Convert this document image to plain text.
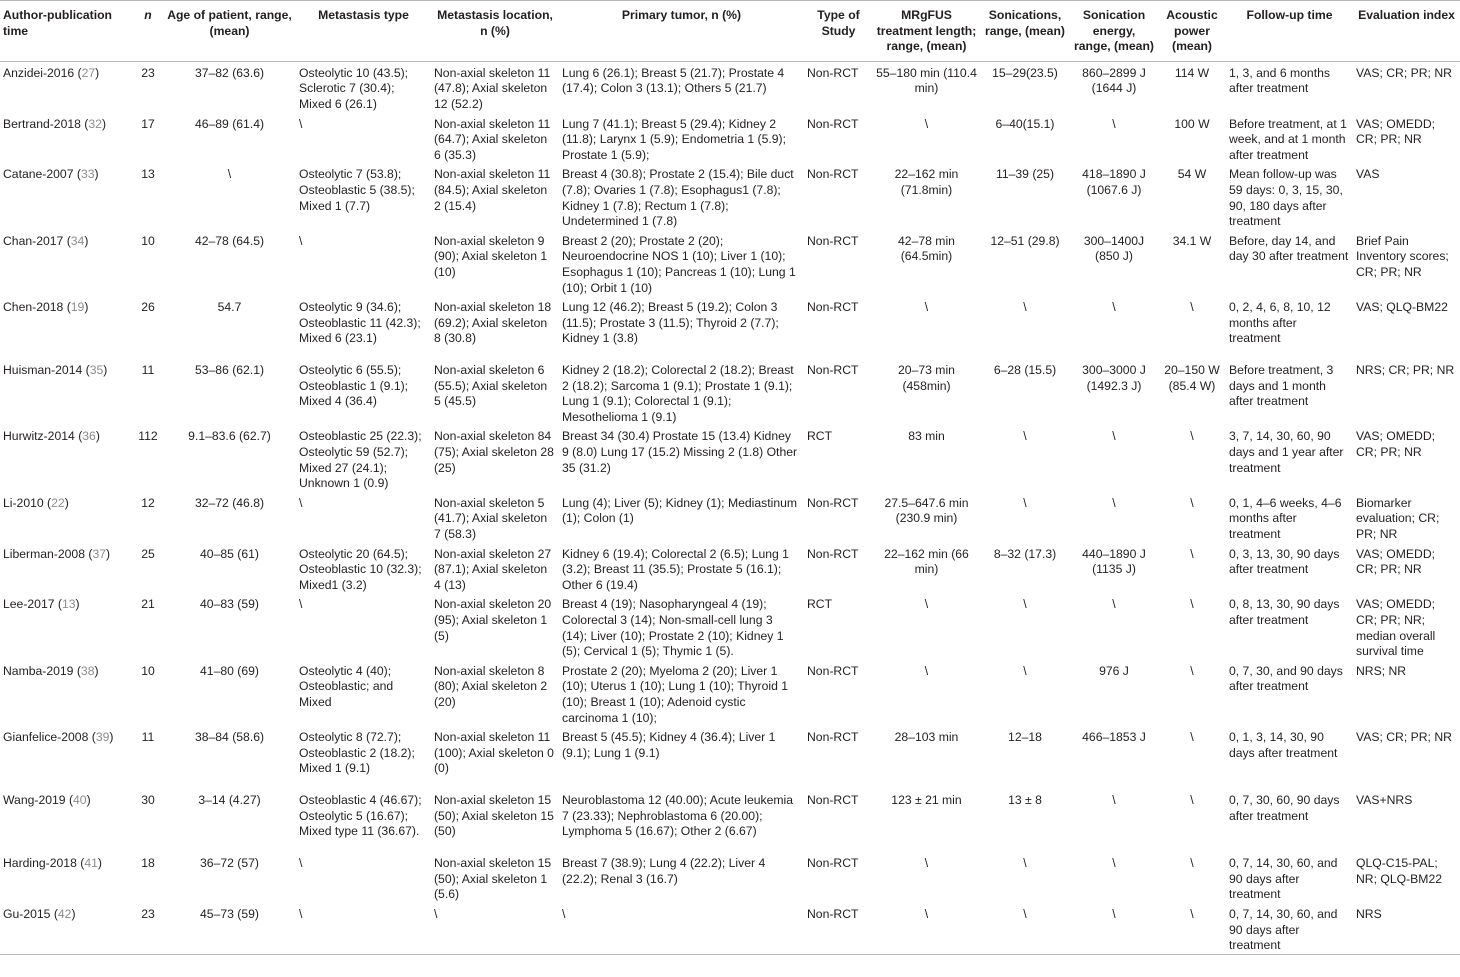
Author-publication time	n	Age of patient, range, (mean)	Metastasis type	Metastasis location, n (%)	Primary tumor, n (%)	Type of Study	MRgFUS treatment length; range, (mean)	Sonications, range, (mean)	Sonication energy, range, (mean)	Acoustic power (mean)	Follow-up time	Evaluation index
Anzidei-2016 (27)	23	37–82 (63.6)	Osteolytic 10 (43.5); Sclerotic 7 (30.4); Mixed 6 (26.1)	Non-axial skeleton 11 (47.8); Axial skeleton 12 (52.2)	Lung 6 (26.1); Breast 5 (21.7); Prostate 4 (17.4); Colon 3 (13.1); Others 5 (21.7)	Non-RCT	55–180 min (110.4 min)	15–29(23.5)	860–2899 J (1644 J)	114 W	1, 3, and 6 months after treatment	VAS; CR; PR; NR
Bertrand-2018 (32)	17	46–89 (61.4)	\	Non-axial skeleton 11 (64.7); Axial skeleton 6 (35.3)	Lung 7 (41.1); Breast 5 (29.4); Kidney 2 (11.8); Larynx 1 (5.9); Endometria 1 (5.9); Prostate 1 (5.9);	Non-RCT	\	6–40(15.1)	\	100 W	Before treatment, at 1 week, and at 1 month after treatment	VAS; OMEDD; CR; PR; NR
Catane-2007 (33)	13	\	Osteolytic 7 (53.8); Osteoblastic 5 (38.5); Mixed 1 (7.7)	Non-axial skeleton 11 (84.5); Axial skeleton 2 (15.4)	Breast 4 (30.8); Prostate 2 (15.4); Bile duct (7.8); Ovaries 1 (7.8); Esophagus1 (7.8); Kidney 1 (7.8); Rectum 1 (7.8); Undetermined 1 (7.8)	Non-RCT	22–162 min (71.8min)	11–39 (25)	418–1890 J (1067.6 J)	54 W	Mean follow-up was 59 days: 0, 3, 15, 30, 90, 180 days after treatment	VAS
Chan-2017 (34)	10	42–78 (64.5)	\	Non-axial skeleton 9 (90); Axial skeleton 1 (10)	Breast 2 (20); Prostate 2 (20); Neuroendocrine NOS 1 (10); Liver 1 (10); Esophagus 1 (10); Pancreas 1 (10); Lung 1 (10); Orbit 1 (10)	Non-RCT	42–78 min (64.5min)	12–51 (29.8)	300–1400J (850 J)	34.1 W	Before, day 14, and day 30 after treatment	Brief Pain Inventory scores; CR; PR; NR
Chen-2018 (19)	26	54.7	Osteolytic 9 (34.6); Osteoblastic 11 (42.3); Mixed 6 (23.1)	Non-axial skeleton 18 (69.2); Axial skeleton 8 (30.8)	Lung 12 (46.2); Breast 5 (19.2); Colon 3 (11.5); Prostate 3 (11.5); Thyroid 2 (7.7); Kidney 1 (3.8)	Non-RCT	\	\	\	\	0, 2, 4, 6, 8, 10, 12 months after treatment	VAS; QLQ-BM22
Huisman-2014 (35)	11	53–86 (62.1)	Osteolytic 6 (55.5); Osteoblastic 1 (9.1); Mixed 4 (36.4)	Non-axial skeleton 6 (55.5); Axial skeleton 5 (45.5)	Kidney 2 (18.2); Colorectal 2 (18.2); Breast 2 (18.2); Sarcoma 1 (9.1); Prostate 1 (9.1); Lung 1 (9.1); Colorectal 1 (9.1); Mesothelioma 1 (9.1)	Non-RCT	20–73 min (458min)	6–28 (15.5)	300–3000 J (1492.3 J)	20–150 W (85.4 W)	Before treatment, 3 days and 1 month after treatment	NRS; CR; PR; NR
Hurwitz-2014 (36)	112	9.1–83.6 (62.7)	Osteoblastic 25 (22.3); Osteolytic 59 (52.7); Mixed 27 (24.1); Unknown 1 (0.9)	Non-axial skeleton 84 (75); Axial skeleton 28 (25)	Breast 34 (30.4) Prostate 15 (13.4) Kidney 9 (8.0) Lung 17 (15.2) Missing 2 (1.8) Other 35 (31.2)	RCT	83 min	\	\	\	3, 7, 14, 30, 60, 90 days and 1 year after treatment	VAS; OMEDD; CR; PR; NR
Li-2010 (22)	12	32–72 (46.8)	\	Non-axial skeleton 5 (41.7); Axial skeleton 7 (58.3)	Lung (4); Liver (5); Kidney (1); Mediastinum (1); Colon (1)	Non-RCT	27.5–647.6 min (230.9 min)	\	\	\	0, 1, 4–6 weeks, 4–6 months after treatment	Biomarker evaluation; CR; PR; NR
Liberman-2008 (37)	25	40–85 (61)	Osteolytic 20 (64.5); Osteoblastic 10 (32.3); Mixed1 (3.2)	Non-axial skeleton 27 (87.1); Axial skeleton 4 (13)	Kidney 6 (19.4); Colorectal 2 (6.5); Lung 1 (3.2); Breast 11 (35.5); Prostate 5 (16.1); Other 6 (19.4)	Non-RCT	22–162 min (66 min)	8–32 (17.3)	440–1890 J (1135 J)	\	0, 3, 13, 30, 90 days after treatment	VAS; OMEDD; CR; PR; NR
Lee-2017 (13)	21	40–83 (59)	\	Non-axial skeleton 20 (95); Axial skeleton 1 (5)	Breast 4 (19); Nasopharyngeal 4 (19); Colorectal 3 (14); Non-small-cell lung 3 (14); Liver (10); Prostate 2 (10); Kidney 1 (5); Cervical 1 (5); Thymic 1 (5).	RCT	\	\	\	\	0, 8, 13, 30, 90 days after treatment	VAS; OMEDD; CR; PR; NR; median overall survival time
Namba-2019 (38)	10	41–80 (69)	Osteolytic 4 (40); Osteoblastic; and Mixed	Non-axial skeleton 8 (80); Axial skeleton 2 (20)	Prostate 2 (20); Myeloma 2 (20); Liver 1 (10); Uterus 1 (10); Lung 1 (10); Thyroid 1 (10); Breast 1 (10); Adenoid cystic carcinoma 1 (10);	Non-RCT	\	\	976 J	\	0, 7, 30, and 90 days after treatment	NRS; NR
Gianfelice-2008 (39)	11	38–84 (58.6)	Osteolytic 8 (72.7); Osteoblastic 2 (18.2); Mixed 1 (9.1)	Non-axial skeleton 11 (100); Axial skeleton 0 (0)	Breast 5 (45.5); Kidney 4 (36.4); Liver 1 (9.1); Lung 1 (9.1)	Non-RCT	28–103 min	12–18	466–1853 J	\	0, 1, 3, 14, 30, 90 days after treatment	VAS; CR; PR; NR
Wang-2019 (40)	30	3–14 (4.27)	Osteoblastic 4 (46.67); Osteolytic 5 (16.67); Mixed type 11 (36.67).	Non-axial skeleton 15 (50); Axial skeleton 15 (50)	Neuroblastoma 12 (40.00); Acute leukemia 7 (23.33); Nephroblastoma 6 (20.00); Lymphoma 5 (16.67); Other 2 (6.67)	Non-RCT	123 ± 21 min	13 ± 8	\	\	0, 7, 30, 60, 90 days after treatment	VAS+NRS
Harding-2018 (41)	18	36–72 (57)	\	Non-axial skeleton 15 (50); Axial skeleton 1 (5.6)	Breast 7 (38.9); Lung 4 (22.2); Liver 4 (22.2); Renal 3 (16.7)	Non-RCT	\	\	\	\	0, 7, 14, 30, 60, and 90 days after treatment	QLQ-C15-PAL; NR; QLQ-BM22
Gu-2015 (42)	23	45–73 (59)	\	\	\	Non-RCT	\	\	\	\	0, 7, 14, 30, 60, and 90 days after treatment	NRS
